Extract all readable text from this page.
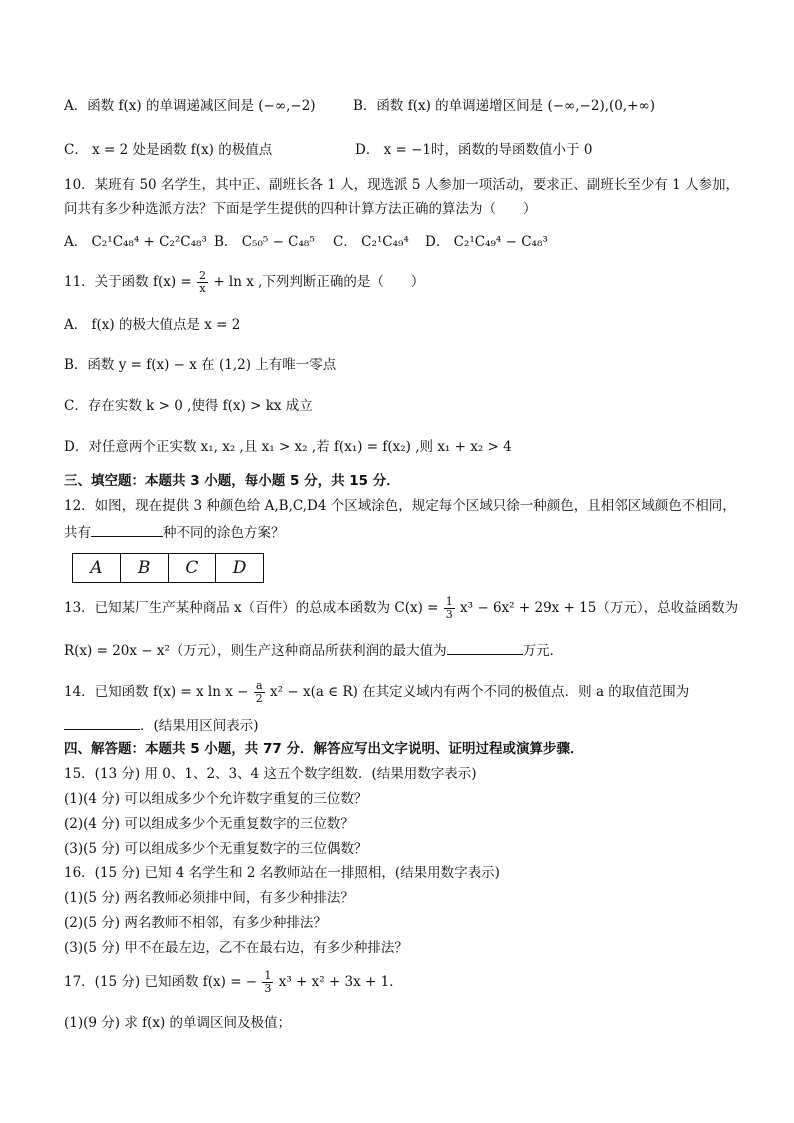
A．函数 f(x) 的单调递减区间是 (−∞,−2)	B．函数 f(x) 的单调递增区间是 (−∞,−2),(0,+∞)
C． x = 2 处是函数 f(x) 的极值点	D． x = −1时，函数的导函数值小于 0
10．某班有 50 名学生，其中正、副班长各 1 人，现选派 5 人参加一项活动，要求正、副班长至少有 1 人参加，
问共有多少种选派方法？下面是学生提供的四种计算方法正确的算法为（　　）
A． C₂¹C₄₈⁴ + C₂²C₄₈³ B． C₅₀⁵ − C₄₈⁵ C． C₂¹C₄₉⁴ D． C₂¹C₄₉⁴ − C₄₈³
11．关于函数 $f(x) = \frac{2}{x} + \ln x$ ,下列判断正确的是（　　）
A． f(x) 的极大值点是 x = 2
B．函数 y = f(x) − x 在 (1,2) 上有唯一零点
C．存在实数 k > 0 ,使得 f(x) > kx 成立
D．对任意两个正实数 x₁, x₂ ,且 x₁ > x₂ ,若 f(x₁) = f(x₂) ,则 x₁ + x₂ > 4
三、填空题：本题共 3 小题，每小题 5 分，共 15 分．
12．如图，现在提供 3 种颜色给 A,B,C,D4 个区域涂色，规定每个区域只徐一种颜色，且相邻区域颜色不相同，
共有	种不同的涂色方案？
A	B	C	D
13．已知某厂生产某种商品 x（百件）的总成本函数为 $C(x) = \frac{1}{3} x^3 - 6x^2 + 29x + 15$（万元），总收益函数为
R(x) = 20x − x²（万元），则生产这种商品所获利润的最大值为	万元．
14．已知函数 f(x) = x $\ln x - \frac{a}{2} x^2 - x(a$ ∈ R) 在其定义域内有两个不同的极值点．则 a 的取值范围为
．(结果用区间表示)
四、解答题：本题共 5 小题，共 77 分．解答应写出文字说明、证明过程或演算步骤．
15．(13 分) 用 0、1、2、3、4 这五个数字组数．(结果用数字表示)
(1)(4 分) 可以组成多少个允许数字重复的三位数？
(2)(4 分) 可以组成多少个无重复数字的三位数？
(3)(5 分) 可以组成多少个无重复数字的三位偶数？
16．(15 分) 已知 4 名学生和 2 名教师站在一排照相，(结果用数字表示)
(1)(5 分) 两名教师必须排中间，有多少种排法？
(2)(5 分) 两名教师不相邻，有多少种排法？
(3)(5 分) 甲不在最左边，乙不在最右边，有多少种排法？
17．(15 分) 已知函数 f(x) = − $\frac{1}{3} x^3 + x^2 + 3x + 1$．
(1)(9 分) 求 f(x) 的单调区间及极值；
